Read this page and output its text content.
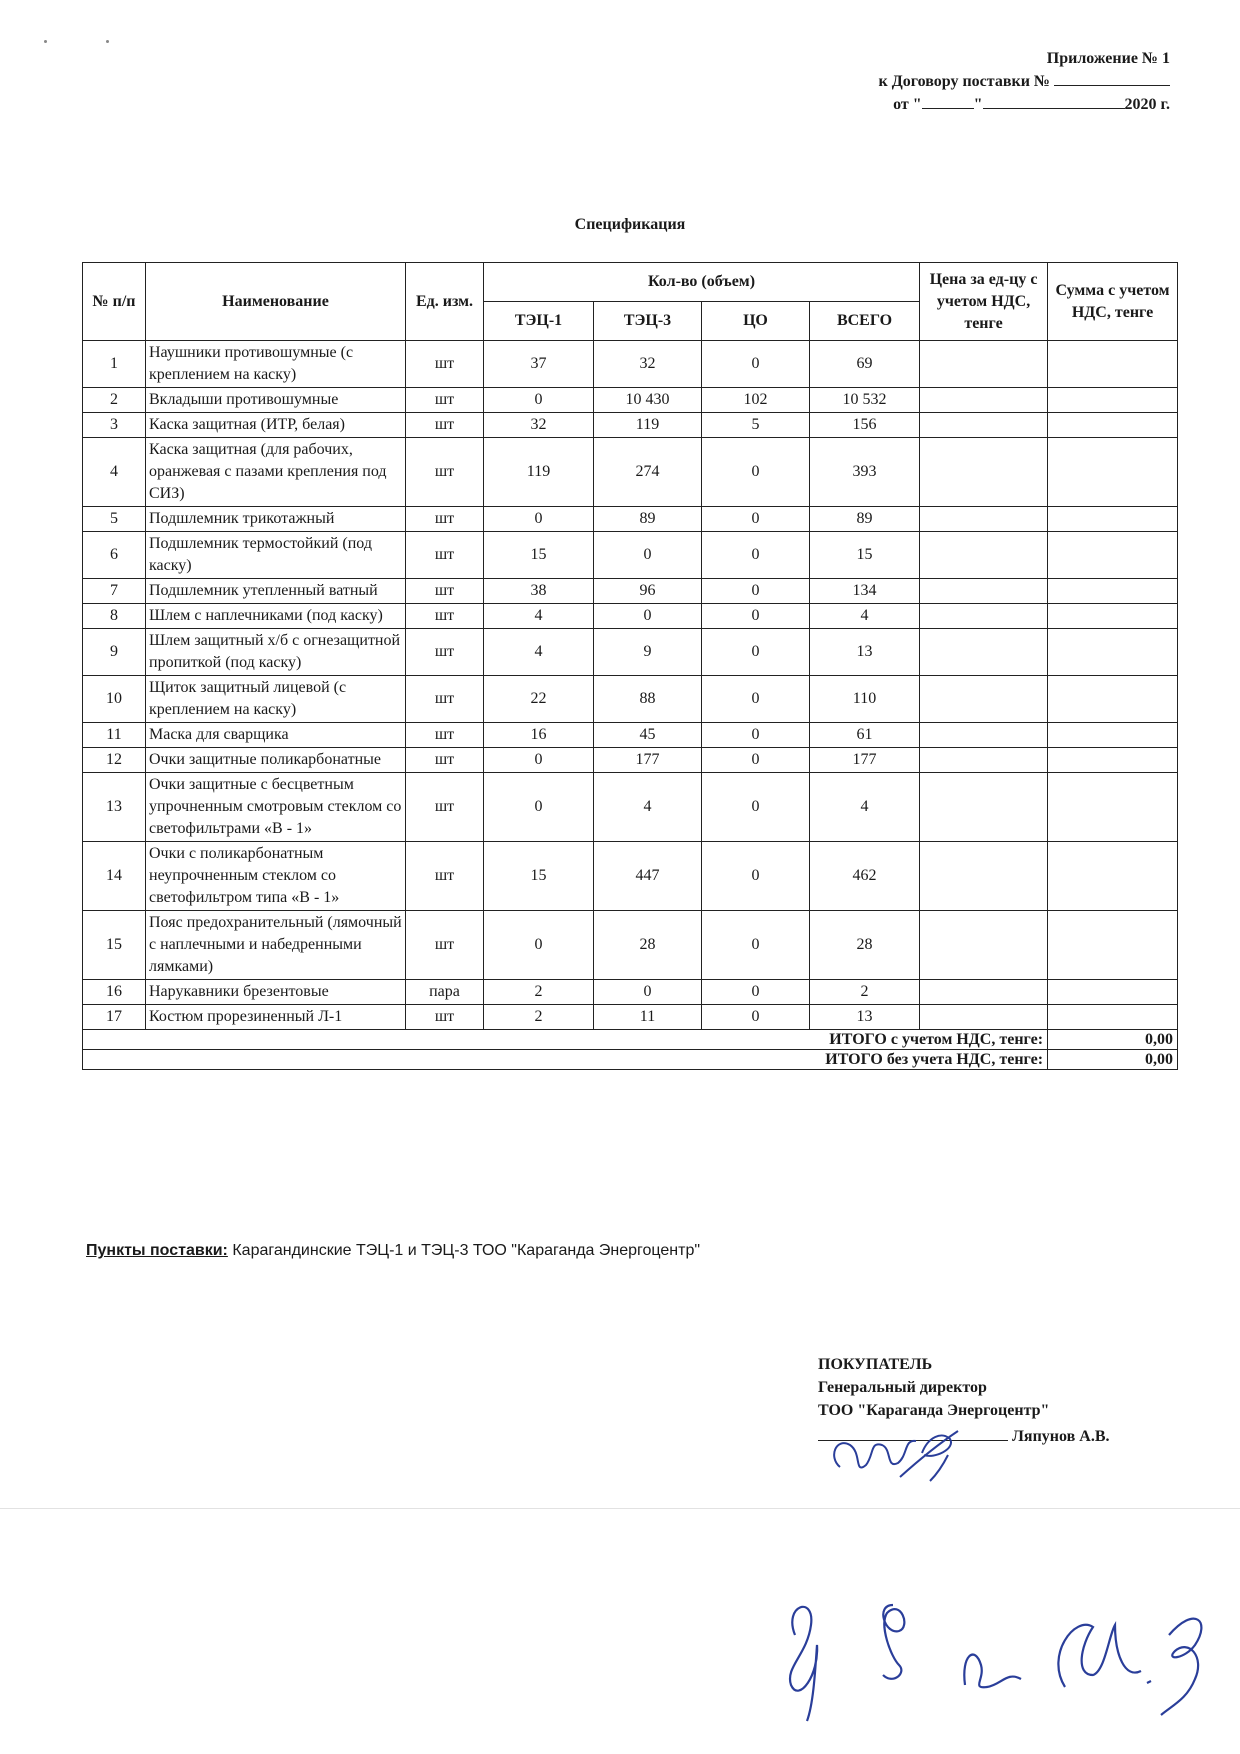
Приложение № 1
к Договору поставки №
от "	"	2020 г.
Спецификация
№ п/п	Наименование	Ед. изм.	Кол-во (объем)				Цена за ед-цу с учетом НДС, тенге	Сумма с учетом НДС, тенге
			ТЭЦ-1	ТЭЦ-3	ЦО	ВСЕГО		
1	Наушники противошумные (с креплением на каску)	шт	37	32	0	69		
2	Вкладыши противошумные	шт	0	10 430	102	10 532		
3	Каска защитная (ИТР, белая)	шт	32	119	5	156		
4	Каска защитная (для рабочих, оранжевая с пазами крепления под СИЗ)	шт	119	274	0	393		
5	Подшлемник трикотажный	шт	0	89	0	89		
6	Подшлемник термостойкий (под каску)	шт	15	0	0	15		
7	Подшлемник утепленный ватный	шт	38	96	0	134		
8	Шлем с наплечниками (под каску)	шт	4	0	0	4		
9	Шлем защитный х/б с огнезащитной пропиткой (под каску)	шт	4	9	0	13		
10	Щиток защитный лицевой (с креплением на каску)	шт	22	88	0	110		
11	Маска для сварщика	шт	16	45	0	61		
12	Очки защитные поликарбонатные	шт	0	177	0	177		
13	Очки защитные с бесцветным упрочненным смотровым стеклом со светофильтрами «В - 1»	шт	0	4	0	4		
14	Очки с поликарбонатным неупрочненным стеклом со светофильтром типа «В - 1»	шт	15	447	0	462		
15	Пояс предохранительный (лямочный с наплечными и набедренными лямками)	шт	0	28	0	28		
16	Нарукавники брезентовые	пара	2	0	0	2		
17	Костюм прорезиненный Л-1	шт	2	11	0	13		
ИТОГО с учетом НДС, тенге:								0,00
ИТОГО без учета НДС, тенге:								0,00
Пункты поставки: Карагандинские ТЭЦ-1 и ТЭЦ-3 ТОО "Караганда Энергоцентр"
ПОКУПАТЕЛЬ
Генеральный директор
ТОО "Караганда Энергоцентр"
Ляпунов А.В.
